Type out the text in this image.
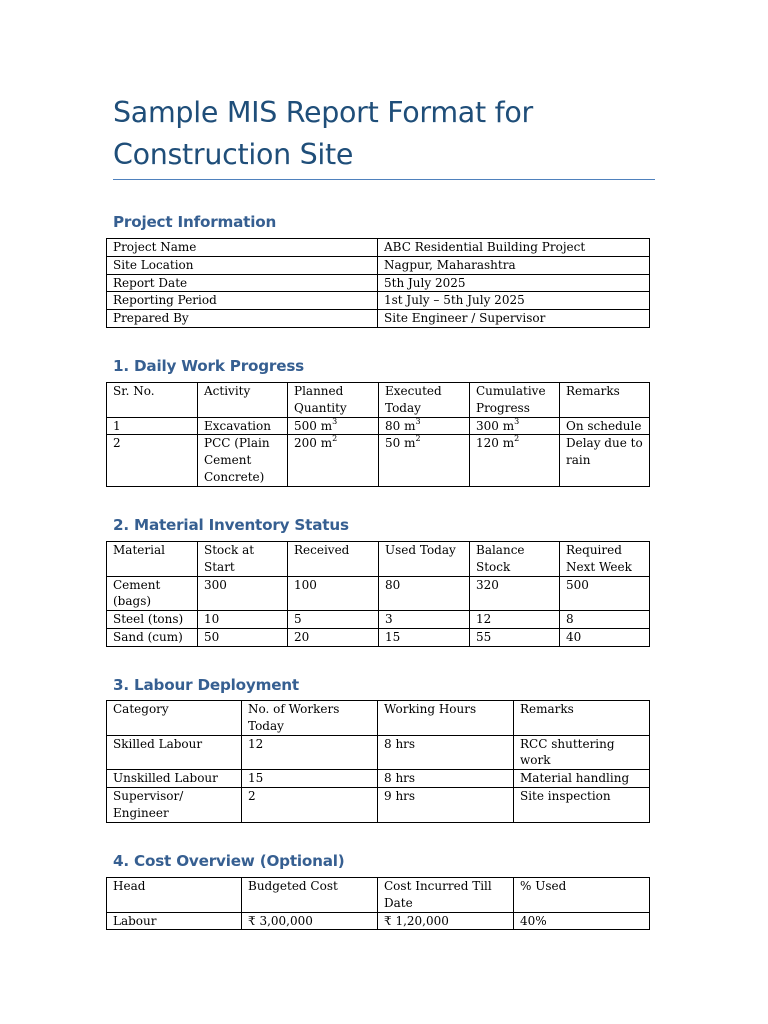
Sample MIS Report Format for Construction Site
Project Information
Project Name	ABC Residential Building Project
Site Location	Nagpur, Maharashtra
Report Date	5th July 2025
Reporting Period	1st July – 5th July 2025
Prepared By	Site Engineer / Supervisor
1. Daily Work Progress
Sr. No.	Activity	Planned Quantity	Executed Today	Cumulative Progress	Remarks
1	Excavation	500 $m^3$	80 $m^3$	300 $m^3$	On schedule
2	PCC (Plain Cement Concrete)	200 $m^2$	50 $m^2$	120 $m^2$	Delay due to rain
2. Material Inventory Status
Material	Stock at Start	Received	Used Today	Balance Stock	Required Next Week
Cement (bags)	300	100	80	320	500
Steel (tons)	10	5	3	12	8
Sand (cum)	50	20	15	55	40
3. Labour Deployment
Category	No. of Workers Today	Working Hours	Remarks
Skilled Labour	12	8 hrs	RCC shuttering work
Unskilled Labour	15	8 hrs	Material handling
Supervisor/ Engineer	2	9 hrs	Site inspection
4. Cost Overview (Optional)
Head	Budgeted Cost	Cost Incurred Till Date	% Used
Labour	₹ 3,00,000	₹ 1,20,000	40%
